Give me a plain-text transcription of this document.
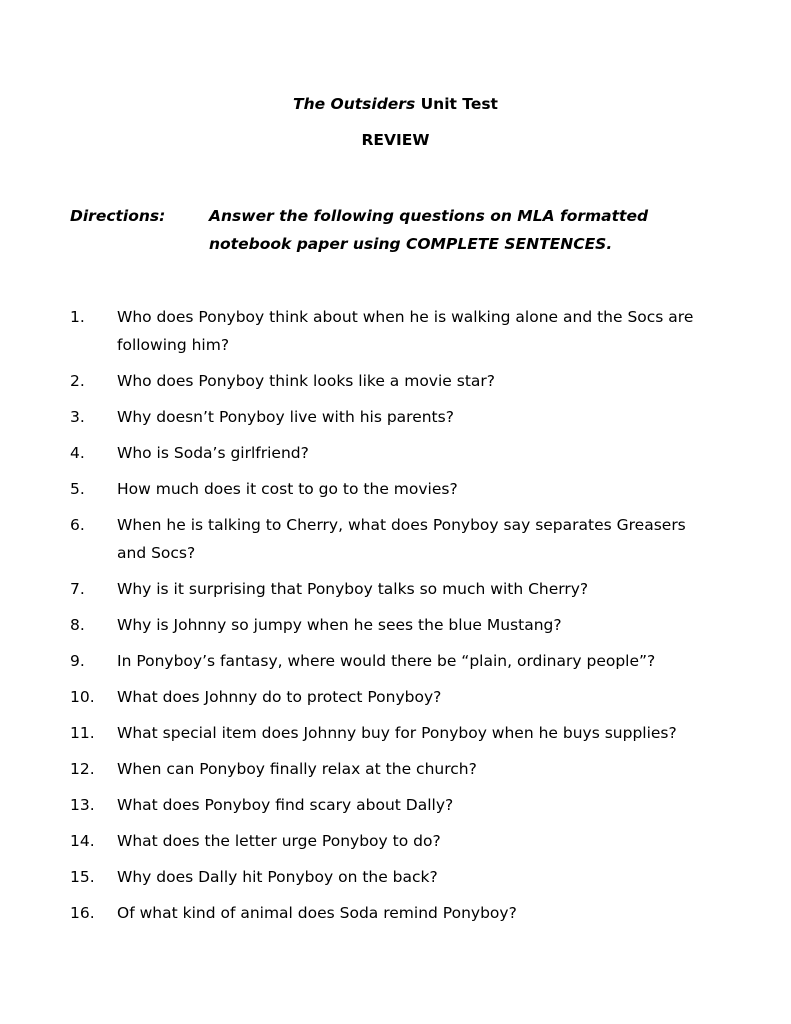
The Outsiders Unit Test
REVIEW
Directions:	Answer the following questions on MLA formatted notebook paper using COMPLETE SENTENCES.
1.	Who does Ponyboy think about when he is walking alone and the Socs are following him?
2.	Who does Ponyboy think looks like a movie star?
3.	Why doesn’t Ponyboy live with his parents?
4.	Who is Soda’s girlfriend?
5.	How much does it cost to go to the movies?
6.	When he is talking to Cherry, what does Ponyboy say separates Greasers and Socs?
7.	Why is it surprising that Ponyboy talks so much with Cherry?
8.	Why is Johnny so jumpy when he sees the blue Mustang?
9.	In Ponyboy’s fantasy, where would there be “plain, ordinary people”?
10.	What does Johnny do to protect Ponyboy?
11.	What special item does Johnny buy for Ponyboy when he buys supplies?
12.	When can Ponyboy finally relax at the church?
13.	What does Ponyboy find scary about Dally?
14.	What does the letter urge Ponyboy to do?
15.	Why does Dally hit Ponyboy on the back?
16.	Of what kind of animal does Soda remind Ponyboy?
